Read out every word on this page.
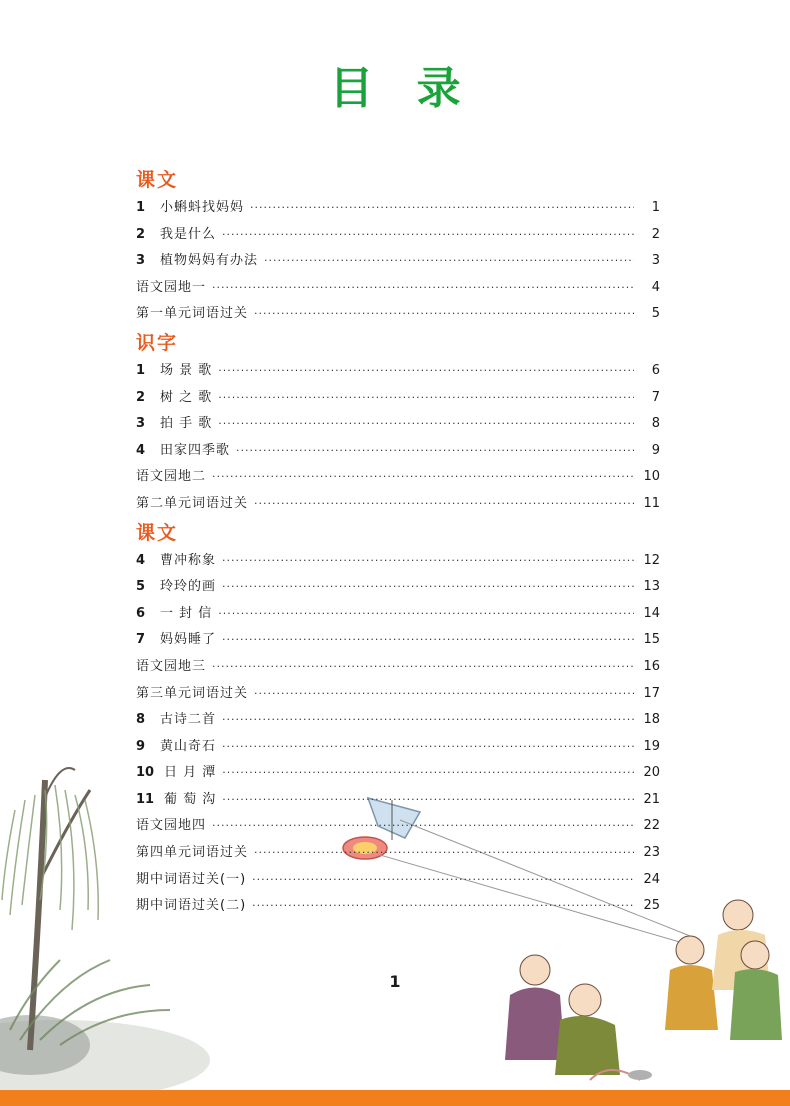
目 录
课文
1	小蝌蚪找妈妈 ·····	1
2	我是什么 ·····	2
3	植物妈妈有办法 ·····	3
语文园地一 ·····	4
第一单元词语过关 ·····	5
识字
1	场 景 歌 ·····	6
2	树 之 歌 ·····	7
3	拍 手 歌 ·····	8
4	田家四季歌 ·····	9
语文园地二 ·····	10
第二单元词语过关 ·····	11
课文
4	曹冲称象 ·····	12
5	玲玲的画 ·····	13
6	一 封 信 ·····	14
7	妈妈睡了 ·····	15
语文园地三 ·····	16
第三单元词语过关 ·····	17
8	古诗二首 ·····	18
9	黄山奇石 ·····	19
10 日 月 潭 ·····	20
11 葡 萄 沟 ·····	21
语文园地四 ·····	22
第四单元词语过关 ·····	23
期中词语过关(一) ·····	24
期中词语过关(二) ·····	25
1
